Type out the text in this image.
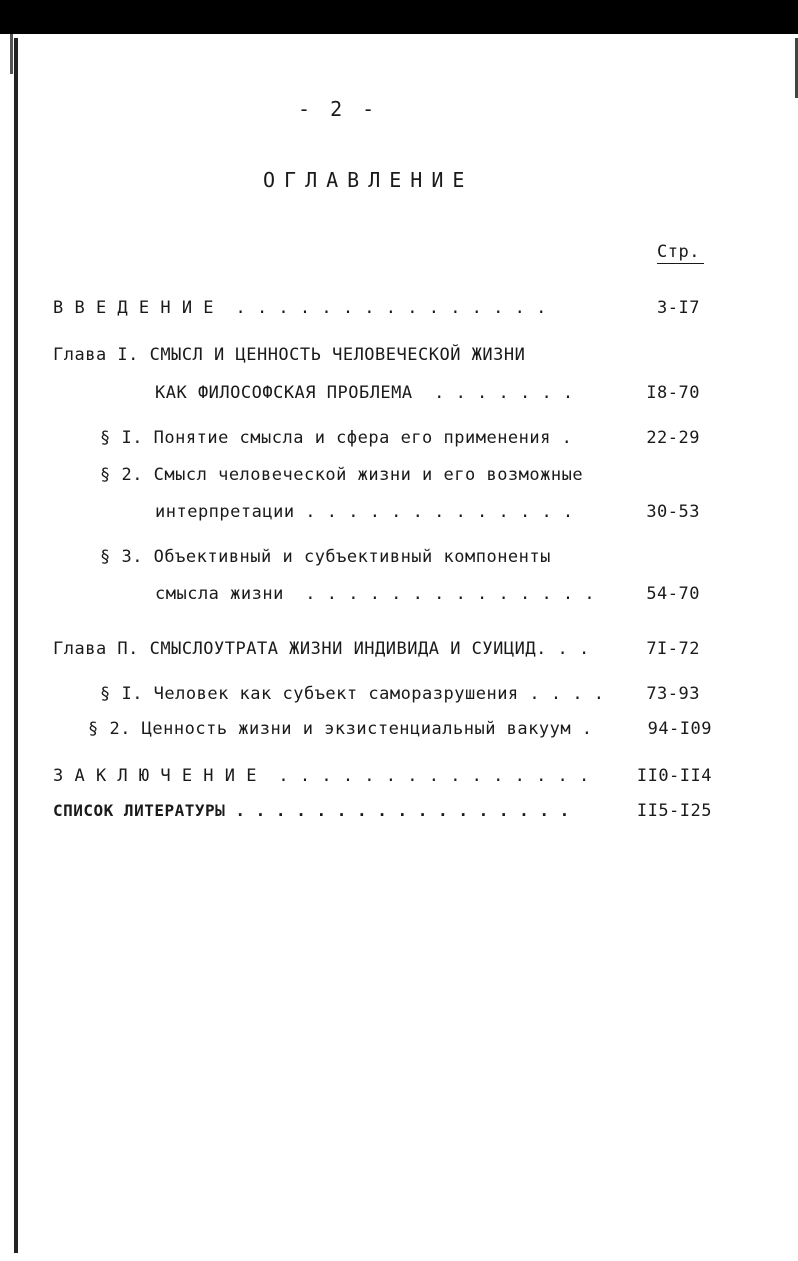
- 2 -
ОГЛАВЛЕНИЕ
Стр.
В В Е Д Е Н И Е  . . . . . . . . . . . . . . .	3-I7
Глава I. СМЫСЛ И ЦЕННОСТЬ ЧЕЛОВЕЧЕСКОЙ ЖИЗНИ
КАК ФИЛОСОФСКАЯ ПРОБЛЕМА  . . . . . . .	I8-70
§ I. Понятие смысла и сфера его применения .	22-29
§ 2. Смысл человеческой жизни и его возможные
интерпретации . . . . . . . . . . . . .	30-53
§ 3. Объективный и субъективный компоненты
смысла жизни  . . . . . . . . . . . . . .	54-70
Глава П. СМЫСЛОУТРАТА ЖИЗНИ ИНДИВИДА И СУИЦИД. . .	7I-72
§ I. Человек как субъект саморазрушения . . . .	73-93
§ 2. Ценность жизни и экзистенциальный вакуум .	94-I09
З А К Л Ю Ч Е Н И Е  . . . . . . . . . . . . . . .	II0-II4
СПИСОК ЛИТЕРАТУРЫ . . . . . . . . . . . . . . . . .	II5-I25
